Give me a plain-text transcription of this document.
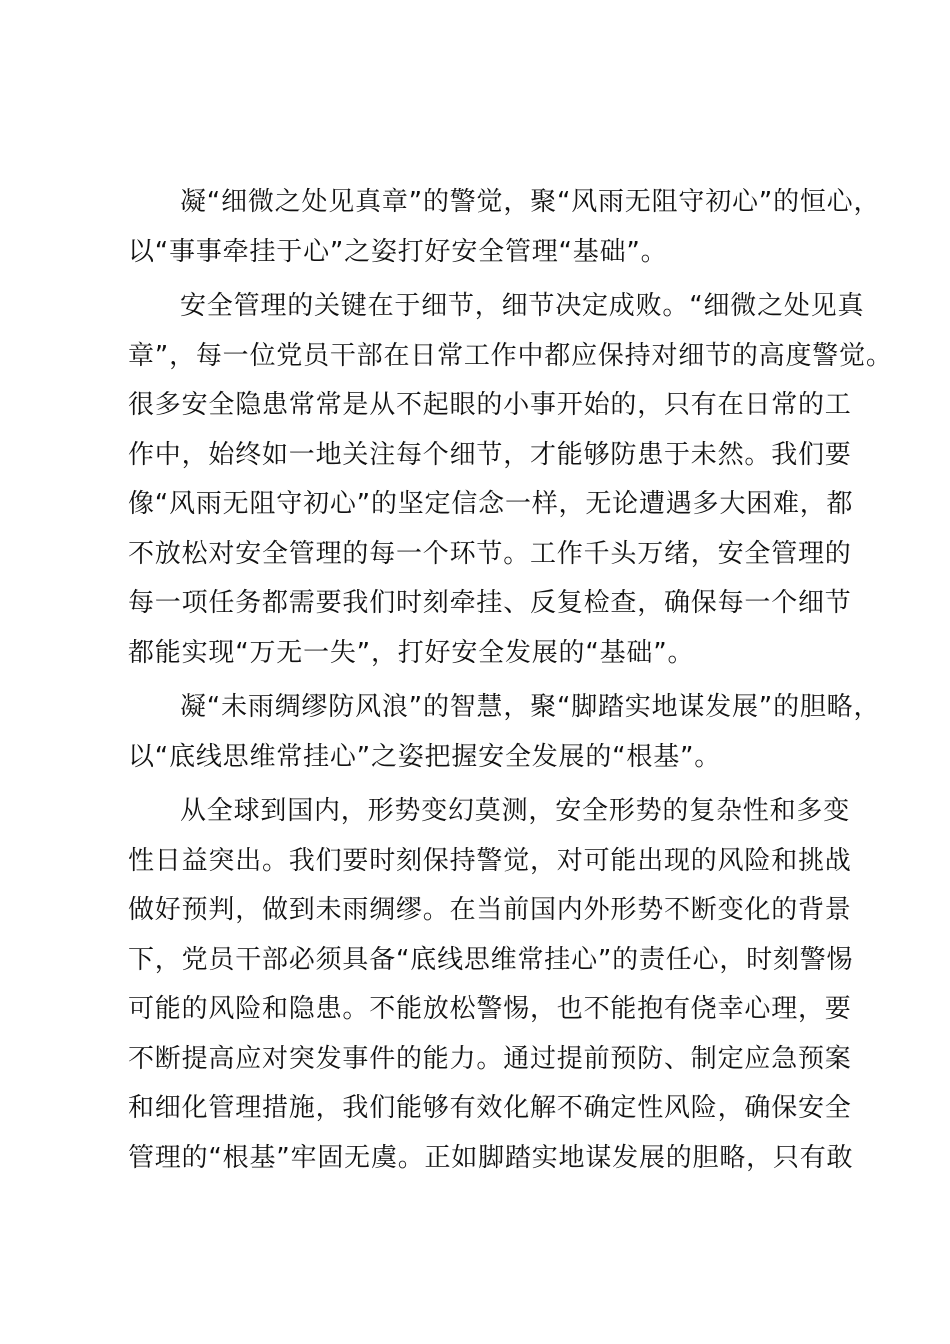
凝“细微之处见真章”的警觉，聚“风雨无阻守初心”的恒心，
以“事事牵挂于心”之姿打好安全管理“基础”。
安全管理的关键在于细节，细节决定成败。“细微之处见真
章”，每一位党员干部在日常工作中都应保持对细节的高度警觉。
很多安全隐患常常是从不起眼的小事开始的，只有在日常的工
作中，始终如一地关注每个细节，才能够防患于未然。我们要
像“风雨无阻守初心”的坚定信念一样，无论遭遇多大困难，都
不放松对安全管理的每一个环节。工作千头万绪，安全管理的
每一项任务都需要我们时刻牵挂、反复检查，确保每一个细节
都能实现“万无一失”，打好安全发展的“基础”。
凝“未雨绸缪防风浪”的智慧，聚“脚踏实地谋发展”的胆略，
以“底线思维常挂心”之姿把握安全发展的“根基”。
从全球到国内，形势变幻莫测，安全形势的复杂性和多变
性日益突出。我们要时刻保持警觉，对可能出现的风险和挑战
做好预判，做到未雨绸缪。在当前国内外形势不断变化的背景
下，党员干部必须具备“底线思维常挂心”的责任心，时刻警惕
可能的风险和隐患。不能放松警惕，也不能抱有侥幸心理，要
不断提高应对突发事件的能力。通过提前预防、制定应急预案
和细化管理措施，我们能够有效化解不确定性风险，确保安全
管理的“根基”牢固无虞。正如脚踏实地谋发展的胆略，只有敢
